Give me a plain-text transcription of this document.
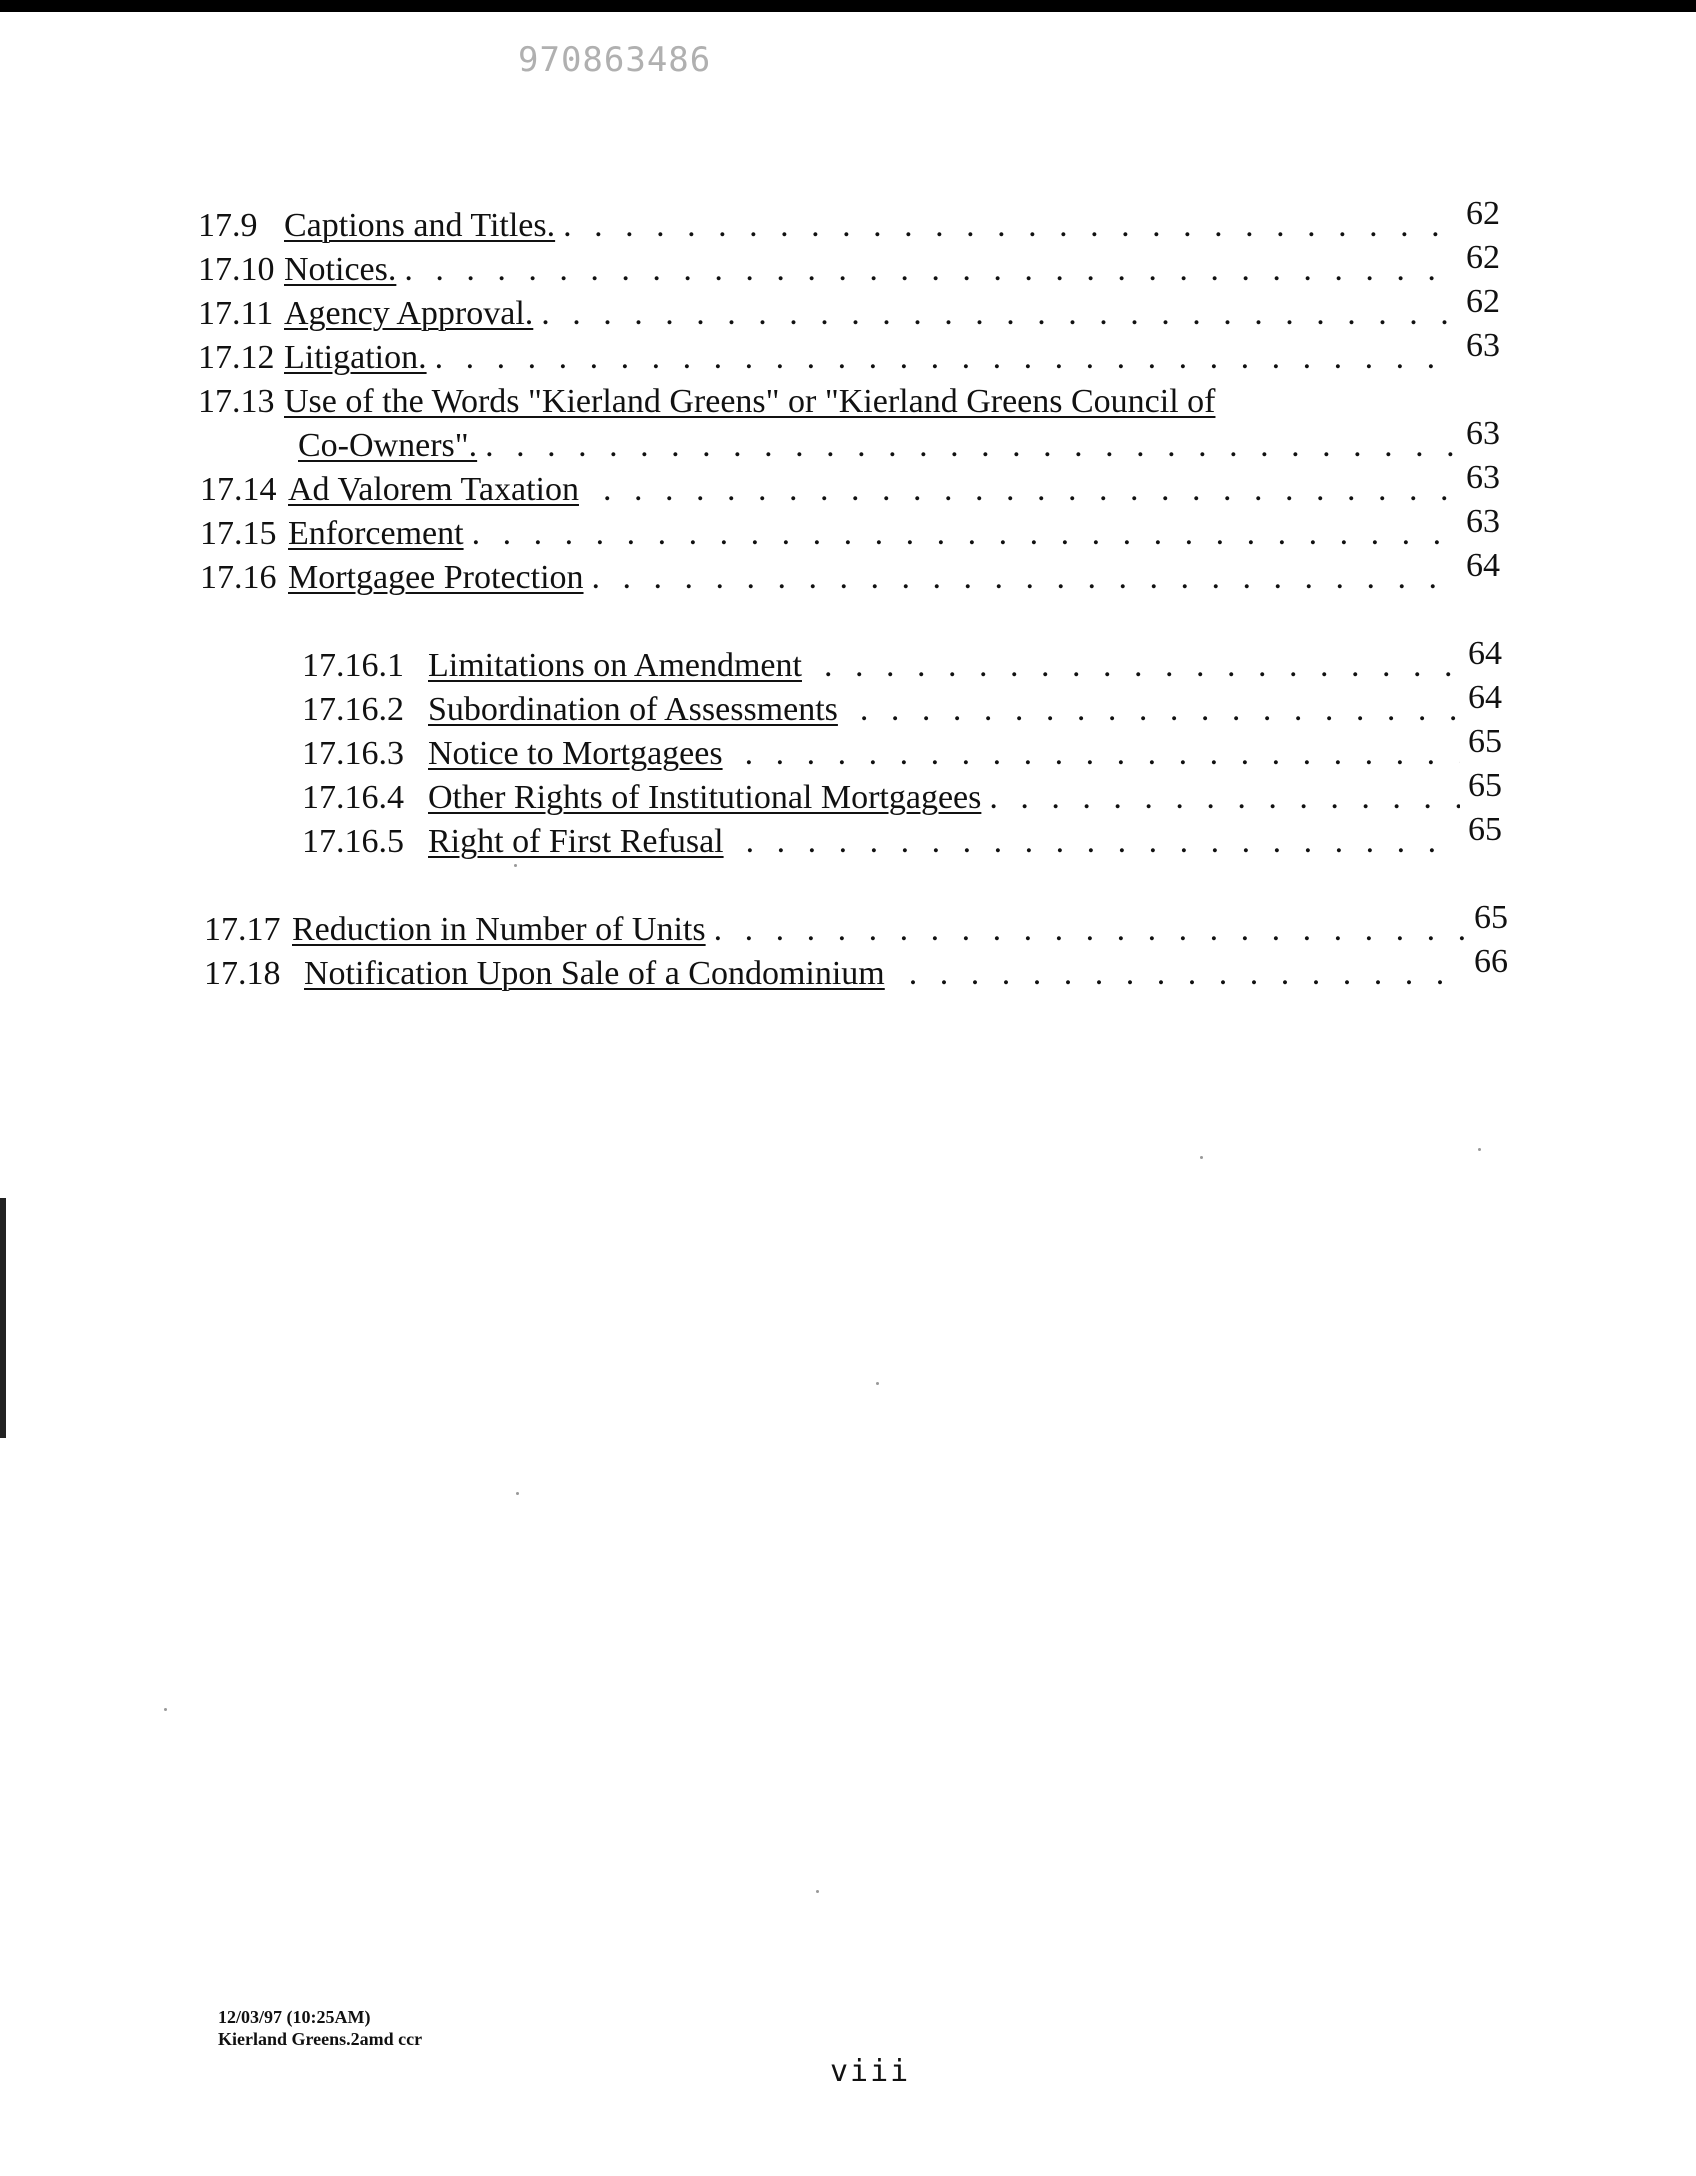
970863486
17.9 Captions and Titles. . . .	62
17.10 Notices. . . .	62
17.11 Agency Approval. . . .	62
17.12 Litigation. . . .	63
17.13 Use of the Words "Kierland Greens" or "Kierland Greens Council of
Co-Owners". . . .	63
17.14 Ad Valorem Taxation . . .	63
17.15 Enforcement . . .	63
17.16 Mortgagee Protection . . .	64
17.16.1 Limitations on Amendment . . .	64
17.16.2 Subordination of Assessments . . .	64
17.16.3 Notice to Mortgagees . . .	65
17.16.4 Other Rights of Institutional Mortgagees . . .	65
17.16.5 Right of First Refusal . . .	65
17.17 Reduction in Number of Units . . .	65
17.18 Notification Upon Sale of a Condominium . . .	66
12/03/97 (10:25AM)
Kierland Greens.2amd ccr
viii
